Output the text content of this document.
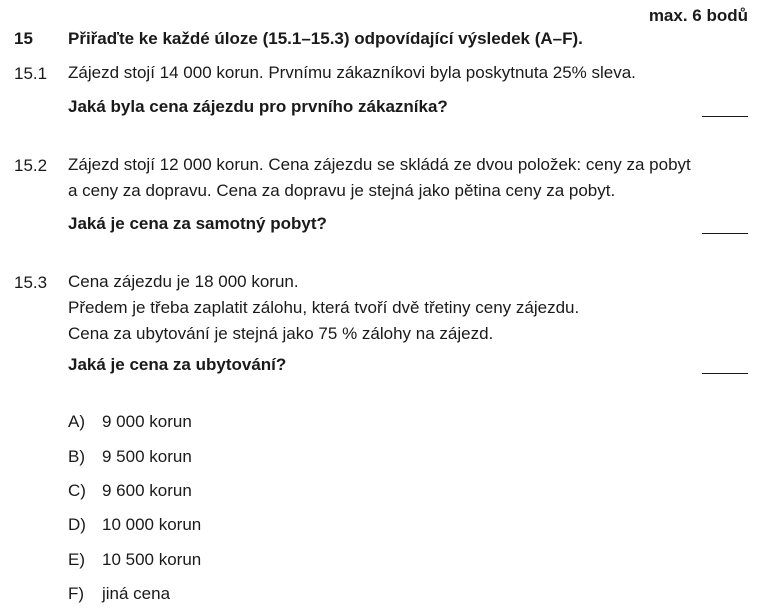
max. 6 bodů
15 Přiřaďte ke každé úloze (15.1–15.3) odpovídající výsledek (A–F).
15.1 Zájezd stojí 14 000 korun. Prvnímu zákazníkovi byla poskytnuta 25% sleva.
Jaká byla cena zájezdu pro prvního zákazníka?
15.2 Zájezd stojí 12 000 korun. Cena zájezdu se skládá ze dvou položek: ceny za pobyt
a ceny za dopravu. Cena za dopravu je stejná jako pětina ceny za pobyt.
Jaká je cena za samotný pobyt?
15.3 Cena zájezdu je 18 000 korun.
Předem je třeba zaplatit zálohu, která tvoří dvě třetiny ceny zájezdu.
Cena za ubytování je stejná jako 75 % zálohy na zájezd.
Jaká je cena za ubytování?
A) 9 000 korun
B) 9 500 korun
C) 9 600 korun
D) 10 000 korun
E) 10 500 korun
F) jiná cena
